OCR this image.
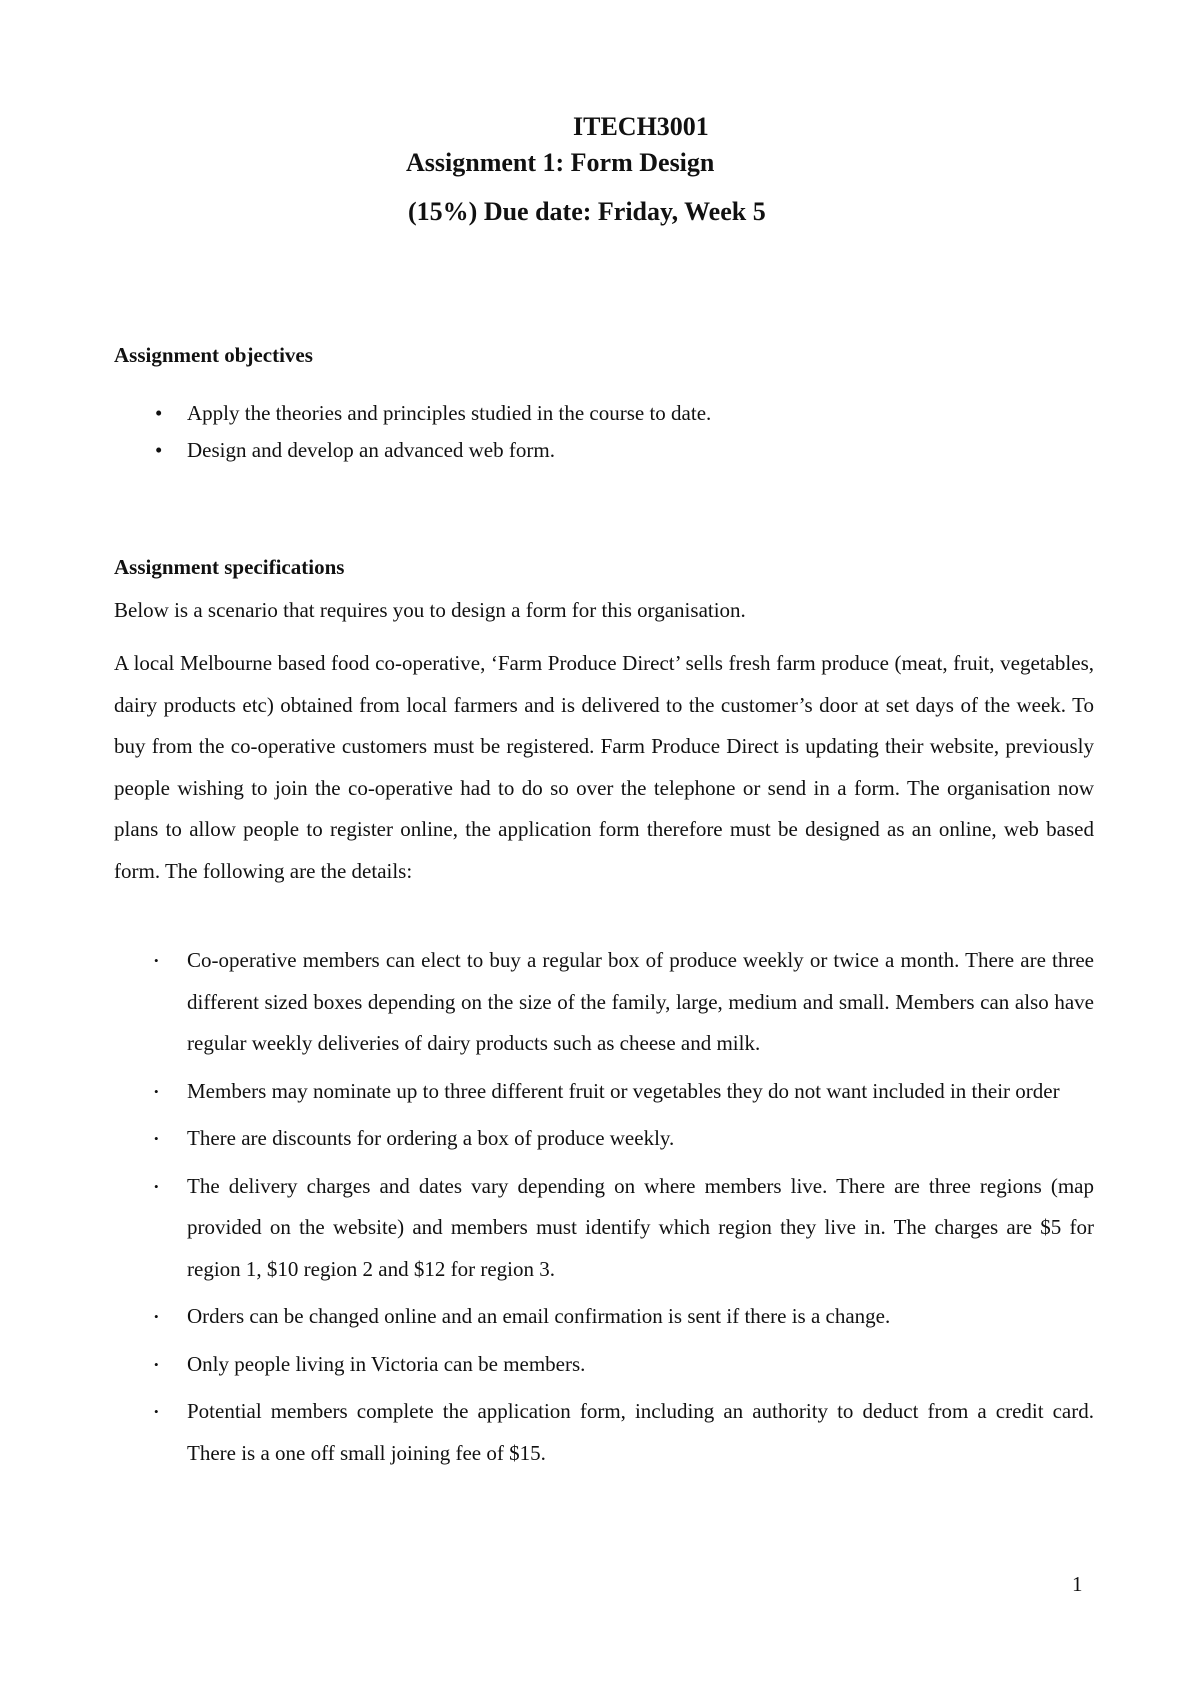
ITECH3001
Assignment 1: Form Design
(15%) Due date: Friday, Week 5
Assignment objectives
• Apply the theories and principles studied in the course to date.
• Design and develop an advanced web form.
Assignment specifications

Below is a scenario that requires you to design a form for this organisation.

A local Melbourne based food co-operative, ‘Farm Produce Direct’ sells fresh farm produce (meat, fruit, vegetables, dairy products etc) obtained from local farmers and is delivered to the customer’s door at set days of the week. To buy from the co-operative customers must be registered. Farm Produce Direct is updating their website, previously people wishing to join the co-operative had to do so over the telephone or send in a form. The organisation now plans to allow people to register online, the application form therefore must be designed as an online, web based form. The following are the details:

• Co-operative members can elect to buy a regular box of produce weekly or twice a month. There are three different sized boxes depending on the size of the family, large, medium and small. Members can also have regular weekly deliveries of dairy products such as cheese and milk.
• Members may nominate up to three different fruit or vegetables they do not want included in their order
• There are discounts for ordering a box of produce weekly.
• The delivery charges and dates vary depending on where members live. There are three regions (map provided on the website) and members must identify which region they live in. The charges are $5 for region 1, $10 region 2 and $12 for region 3.
• Orders can be changed online and an email confirmation is sent if there is a change.
• Only people living in Victoria can be members.
• Potential members complete the application form, including an authority to deduct from a credit card. There is a one off small joining fee of $15.
1
